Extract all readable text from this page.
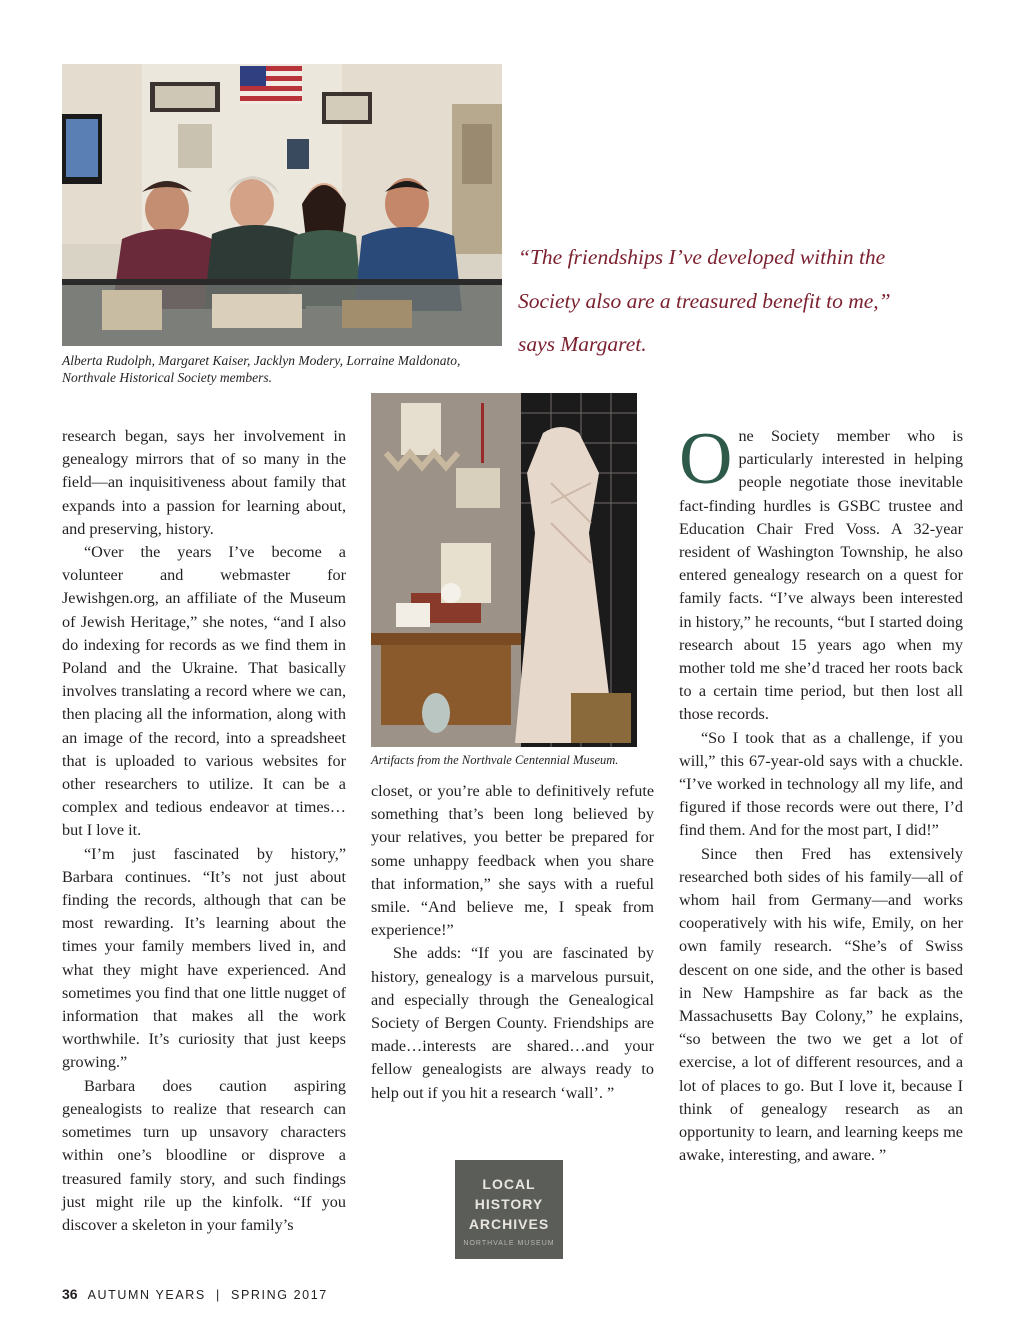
Alberta Rudolph, Margaret Kaiser, Jacklyn Modery, Lorraine Maldonato,
Northvale Historical Society members.
“The friendships I’ve developed within the Society also are a treasured benefit to me,” says Margaret.
Artifacts from the Northvale Centennial Museum.

research began, says her involvement in genealogy mirrors that of so many in the field—an inquisitiveness about family that expands into a passion for learning about, and preserving, history.

“Over the years I’ve become a volunteer and webmaster for Jewishgen.org, an affiliate of the Museum of Jewish Heritage,” she notes, “and I also do indexing for records as we find them in Poland and the Ukraine. That basically involves translating a record where we can, then placing all the information, along with an image of the record, into a spreadsheet that is uploaded to various websites for other researchers to utilize. It can be a complex and tedious endeavor at times…but I love it.

“I’m just fascinated by history,” Barbara continues. “It’s not just about finding the records, although that can be most rewarding. It’s learning about the times your family members lived in, and what they might have experienced. And sometimes you find that one little nugget of information that makes all the work worthwhile. It’s curiosity that just keeps growing.”

Barbara does caution aspiring genealogists to realize that research can sometimes turn up unsavory characters within one’s bloodline or disprove a treasured family story, and such findings just might rile up the kinfolk. “If you discover a skeleton in your family’s

closet, or you’re able to definitively refute something that’s been long believed by your relatives, you better be prepared for some unhappy feedback when you share that information,” she says with a rueful smile. “And believe me, I speak from experience!”

She adds: “If you are fascinated by history, genealogy is a marvelous pursuit, and especially through the Genealogical Society of Bergen County. Friendships are made…interests are shared…and your fellow genealogists are always ready to help out if you hit a research ‘wall’. ”

One Society member who is particularly interested in helping people negotiate those inevitable fact-finding hurdles is GSBC trustee and Education Chair Fred Voss. A 32-year resident of Washington Township, he also entered genealogy research on a quest for family facts. “I’ve always been interested in history,” he recounts, “but I started doing research about 15 years ago when my mother told me she’d traced her roots back to a certain time period, but then lost all those records.

“So I took that as a challenge, if you will,” this 67-year-old says with a chuckle. “I’ve worked in technology all my life, and figured if those records were out there, I’d find them. And for the most part, I did!”

Since then Fred has extensively researched both sides of his family—all of whom hail from Germany—and works cooperatively with his wife, Emily, on her own family research. “She’s of Swiss descent on one side, and the other is based in New Hampshire as far back as the Massachusetts Bay Colony,” he explains, “so between the two we get a lot of exercise, a lot of different resources, and a lot of places to go. But I love it, because I think of genealogy research as an opportunity to learn, and learning keeps me awake, interesting, and aware. ”

LOCAL
HISTORY
ARCHIVES
NORTHVALE MUSEUM
36 AUTUMN YEARS  |  SPRING 2017
